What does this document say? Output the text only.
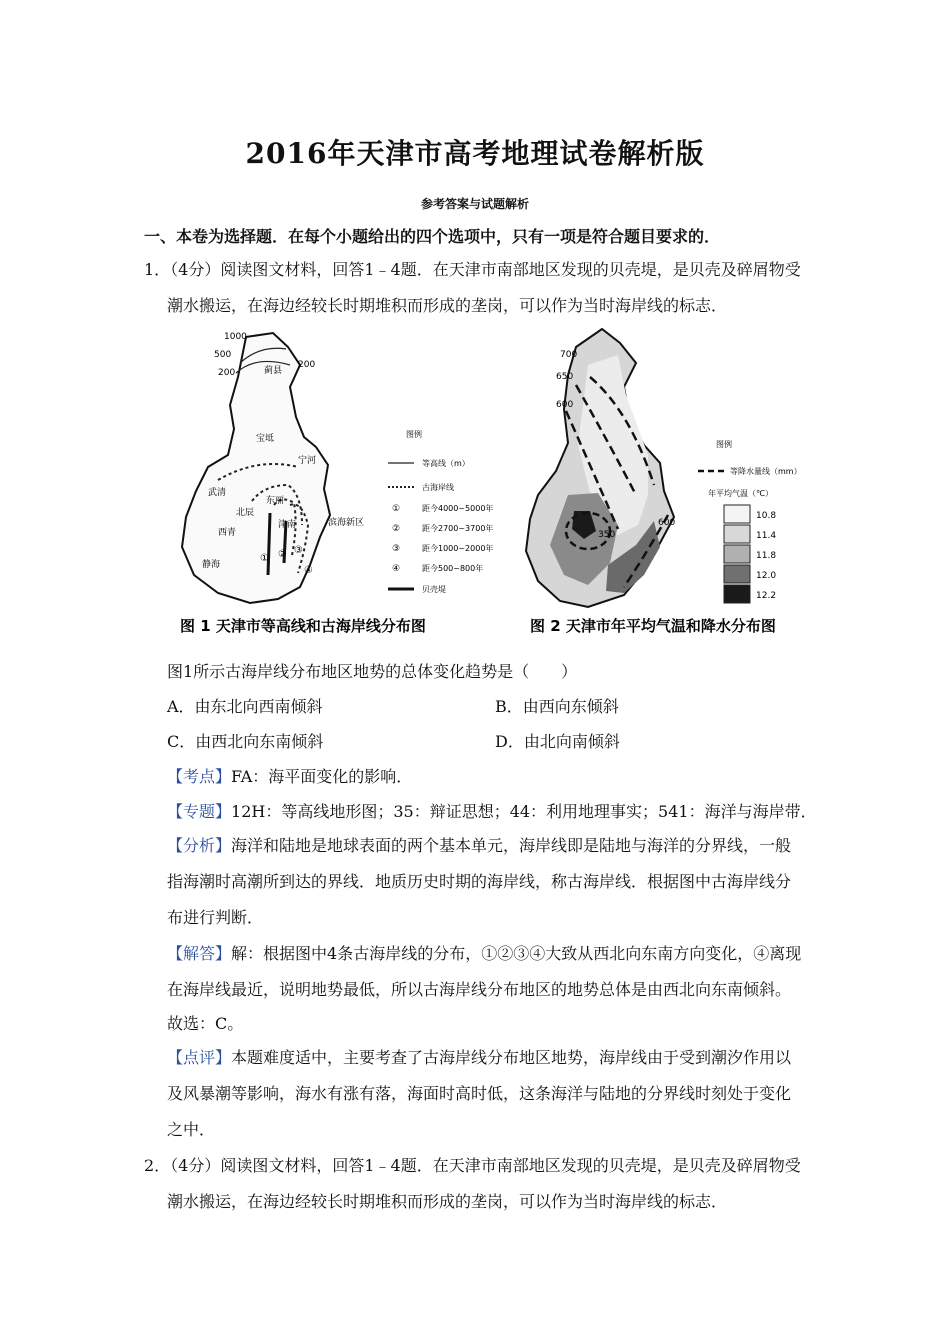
2016年天津市高考地理试卷解析版
参考答案与试题解析
一、本卷为选择题．在每个小题给出的四个选项中，只有一项是符合题目要求的．
1．（4分）阅读图文材料，回答1﹣4题．在天津市南部地区发现的贝壳堤，是贝壳及碎屑物受
潮水搬运，在海边经较长时期堆积而形成的垄岗，可以作为当时海岸线的标志．
1000
500
200
200
蓟县
宝坻
宁河
武清
北辰
东丽
西青
津南
静海
滨海新区
① ② ③
④
图例
等高线（m）
古海岸线
①	距今4000~5000年
②	距今2700~3700年
③	距今1000~2000年
④	距今500~800年
贝壳堤
图 1 天津市等高线和古海岸线分布图
700
650
600
600
350
图例
等降水量线（mm）
年平均气温（℃）
10.8
11.4
11.8
12.0
12.2
图 2 天津市年平均气温和降水分布图
图1所示古海岸线分布地区地势的总体变化趋势是（　　）
A．由东北向西南倾斜	B．由西向东倾斜
C．由西北向东南倾斜	D．由北向南倾斜
【考点】FA：海平面变化的影响．
【专题】12H：等高线地形图；35：辩证思想；44：利用地理事实；541：海洋与海岸带．
【分析】海洋和陆地是地球表面的两个基本单元，海岸线即是陆地与海洋的分界线，一般
指海潮时高潮所到达的界线．地质历史时期的海岸线，称古海岸线．根据图中古海岸线分
布进行判断．
【解答】解：根据图中4条古海岸线的分布，①②③④大致从西北向东南方向变化，④离现
在海岸线最近，说明地势最低，所以古海岸线分布地区的地势总体是由西北向东南倾斜。
故选：C。
【点评】本题难度适中，主要考查了古海岸线分布地区地势，海岸线由于受到潮汐作用以
及风暴潮等影响，海水有涨有落，海面时高时低，这条海洋与陆地的分界线时刻处于变化
之中．
2．（4分）阅读图文材料，回答1﹣4题．在天津市南部地区发现的贝壳堤，是贝壳及碎屑物受
潮水搬运，在海边经较长时期堆积而形成的垄岗，可以作为当时海岸线的标志．
